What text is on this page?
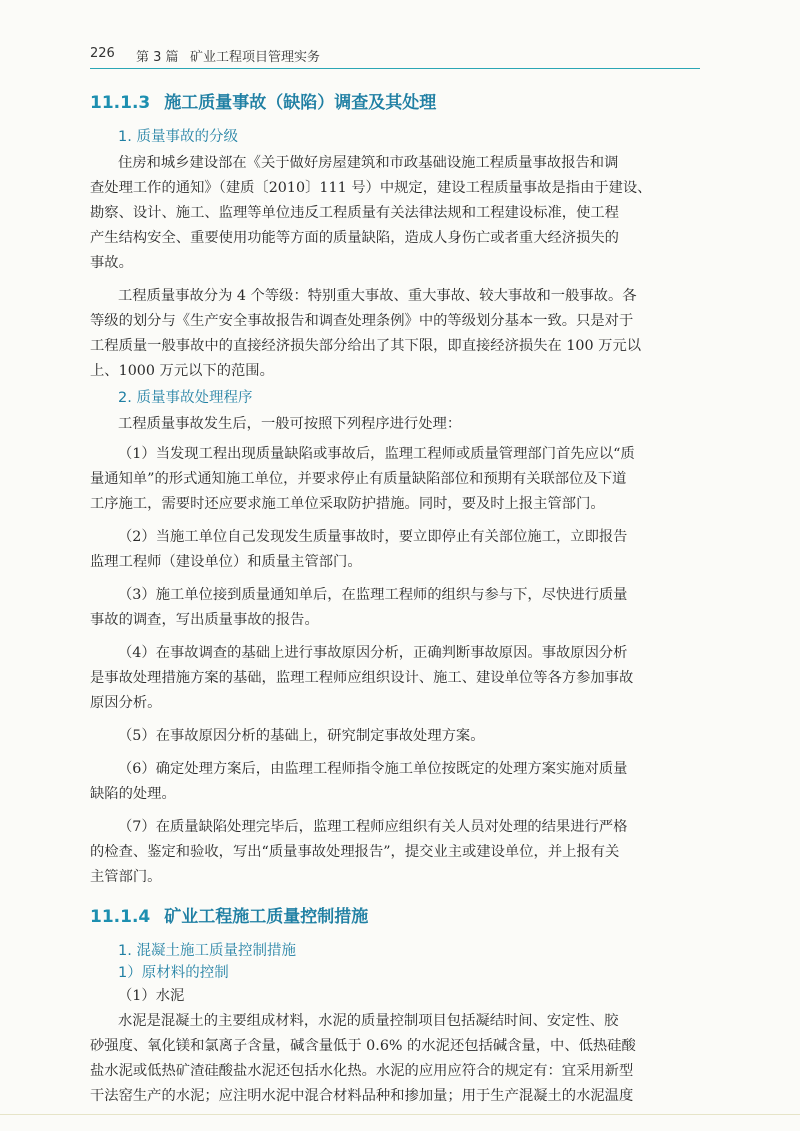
226 第 3 篇 矿业工程项目管理实务
11.1.3 施工质量事故（缺陷）调查及其处理
1. 质量事故的分级
住房和城乡建设部在《关于做好房屋建筑和市政基础设施工程质量事故报告和调
查处理工作的通知》（建质〔2010〕111 号）中规定，建设工程质量事故是指由于建设、
勘察、设计、施工、监理等单位违反工程质量有关法律法规和工程建设标准，使工程
产生结构安全、重要使用功能等方面的质量缺陷，造成人身伤亡或者重大经济损失的
事故。
工程质量事故分为 4 个等级：特别重大事故、重大事故、较大事故和一般事故。各
等级的划分与《生产安全事故报告和调查处理条例》中的等级划分基本一致。只是对于
工程质量一般事故中的直接经济损失部分给出了其下限，即直接经济损失在 100 万元以
上、1000 万元以下的范围。
2. 质量事故处理程序
工程质量事故发生后，一般可按照下列程序进行处理：
（1）当发现工程出现质量缺陷或事故后，监理工程师或质量管理部门首先应以“质
量通知单”的形式通知施工单位，并要求停止有质量缺陷部位和预期有关联部位及下道
工序施工，需要时还应要求施工单位采取防护措施。同时，要及时上报主管部门。
（2）当施工单位自己发现发生质量事故时，要立即停止有关部位施工，立即报告
监理工程师（建设单位）和质量主管部门。
（3）施工单位接到质量通知单后，在监理工程师的组织与参与下，尽快进行质量
事故的调查，写出质量事故的报告。
（4）在事故调查的基础上进行事故原因分析，正确判断事故原因。事故原因分析
是事故处理措施方案的基础，监理工程师应组织设计、施工、建设单位等各方参加事故
原因分析。
（5）在事故原因分析的基础上，研究制定事故处理方案。
（6）确定处理方案后，由监理工程师指令施工单位按既定的处理方案实施对质量
缺陷的处理。
（7）在质量缺陷处理完毕后，监理工程师应组织有关人员对处理的结果进行严格
的检查、鉴定和验收，写出“质量事故处理报告”，提交业主或建设单位，并上报有关
主管部门。
11.1.4 矿业工程施工质量控制措施
1. 混凝土施工质量控制措施
1）原材料的控制
（1）水泥
水泥是混凝土的主要组成材料，水泥的质量控制项目包括凝结时间、安定性、胶
砂强度、氧化镁和氯离子含量，碱含量低于 0.6% 的水泥还包括碱含量，中、低热硅酸
盐水泥或低热矿渣硅酸盐水泥还包括水化热。水泥的应用应符合的规定有：宜采用新型
干法窑生产的水泥；应注明水泥中混合材料品种和掺加量；用于生产混凝土的水泥温度
